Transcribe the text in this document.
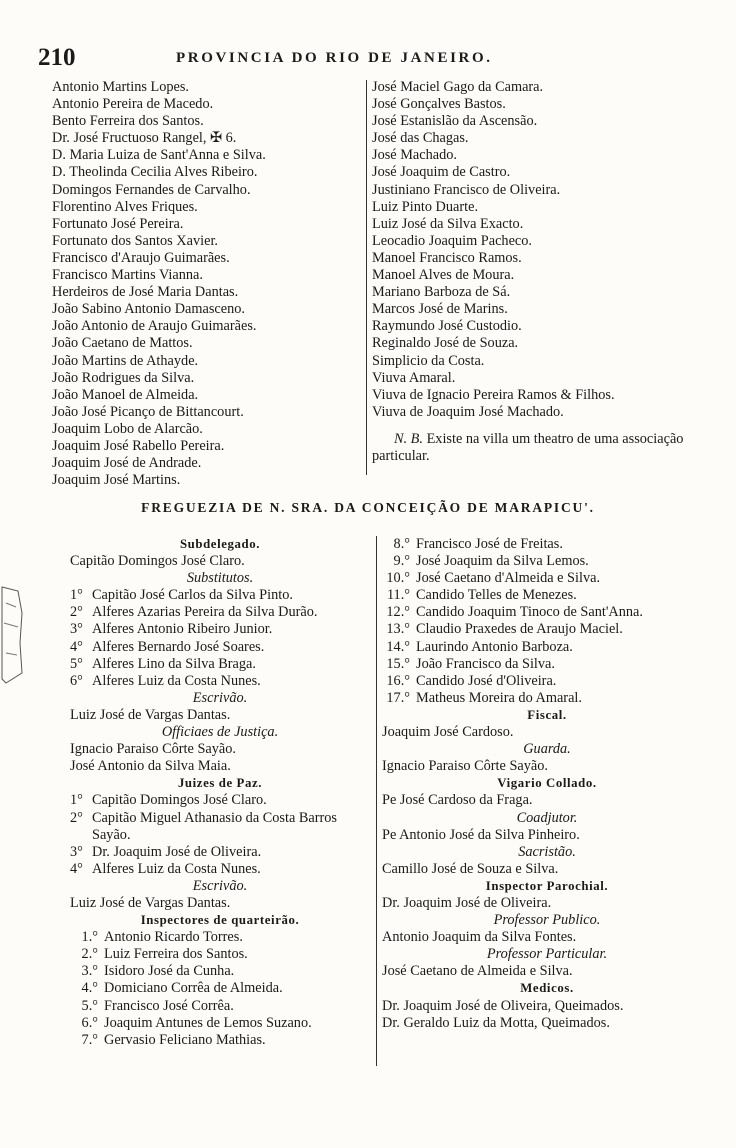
210	PROVINCIA DO RIO DE JANEIRO.
Antonio Martins Lopes.
Antonio Pereira de Macedo.
Bento Ferreira dos Santos.
Dr. José Fructuoso Rangel, ✠ 6.
D. Maria Luiza de Sant'Anna e Silva.
D. Theolinda Cecilia Alves Ribeiro.
Domingos Fernandes de Carvalho.
Florentino Alves Friques.
Fortunato José Pereira.
Fortunato dos Santos Xavier.
Francisco d'Araujo Guimarães.
Francisco Martins Vianna.
Herdeiros de José Maria Dantas.
João Sabino Antonio Damasceno.
João Antonio de Araujo Guimarães.
João Caetano de Mattos.
João Martins de Athayde.
João Rodrigues da Silva.
João Manoel de Almeida.
João José Picanço de Bittancourt.
Joaquim Lobo de Alarcão.
Joaquim José Rabello Pereira.
Joaquim José de Andrade.
Joaquim José Martins.
José Maciel Gago da Camara.
José Gonçalves Bastos.
José Estanislão da Ascensão.
José das Chagas.
José Machado.
José Joaquim de Castro.
Justiniano Francisco de Oliveira.
Luiz Pinto Duarte.
Luiz José da Silva Exacto.
Leocadio Joaquim Pacheco.
Manoel Francisco Ramos.
Manoel Alves de Moura.
Mariano Barboza de Sá.
Marcos José de Marins.
Raymundo José Custodio.
Reginaldo José de Souza.
Simplicio da Costa.
Viuva Amaral.
Viuva de Ignacio Pereira Ramos & Filhos.
Viuva de Joaquim José Machado.
N. B. Existe na villa um theatro de uma associação particular.
FREGUEZIA DE N. SRA. DA CONCEIÇÃO DE MARAPICU'.
Subdelegado.
Capitão Domingos José Claro.
Substitutos.
1° Capitão José Carlos da Silva Pinto.
2° Alferes Azarias Pereira da Silva Durão.
3° Alferes Antonio Ribeiro Junior.
4° Alferes Bernardo José Soares.
5° Alferes Lino da Silva Braga.
6° Alferes Luiz da Costa Nunes.
Escrivão.
Luiz José de Vargas Dantas.
Officiaes de Justiça.
Ignacio Paraiso Côrte Sayão.
José Antonio da Silva Maia.
Juizes de Paz.
1° Capitão Domingos José Claro.
2° Capitão Miguel Athanasio da Costa Barros
Sayão.
3° Dr. Joaquim José de Oliveira.
4° Alferes Luiz da Costa Nunes.
Escrivão.
Luiz José de Vargas Dantas.
Inspectores de quarteirão.
1.° Antonio Ricardo Torres.
2.° Luiz Ferreira dos Santos.
3.° Isidoro José da Cunha.
4.° Domiciano Corrêa de Almeida.
5.° Francisco José Corrêa.
6.° Joaquim Antunes de Lemos Suzano.
7.° Gervasio Feliciano Mathias.
8.° Francisco José de Freitas.
9.° José Joaquim da Silva Lemos.
10.° José Caetano d'Almeida e Silva.
11.° Candido Telles de Menezes.
12.° Candido Joaquim Tinoco de Sant'Anna.
13.° Claudio Praxedes de Araujo Maciel.
14.° Laurindo Antonio Barboza.
15.° João Francisco da Silva.
16.° Candido José d'Oliveira.
17.° Matheus Moreira do Amaral.
Fiscal.
Joaquim José Cardoso.
Guarda.
Ignacio Paraiso Côrte Sayão.
Vigario Collado.
Pe José Cardoso da Fraga.
Coadjutor.
Pe Antonio José da Silva Pinheiro.
Sacristão.
Camillo José de Souza e Silva.
Inspector Parochial.
Dr. Joaquim José de Oliveira.
Professor Publico.
Antonio Joaquim da Silva Fontes.
Professor Particular.
José Caetano de Almeida e Silva.
Medicos.
Dr. Joaquim José de Oliveira, Queimados.
Dr. Geraldo Luiz da Motta, Queimados.
